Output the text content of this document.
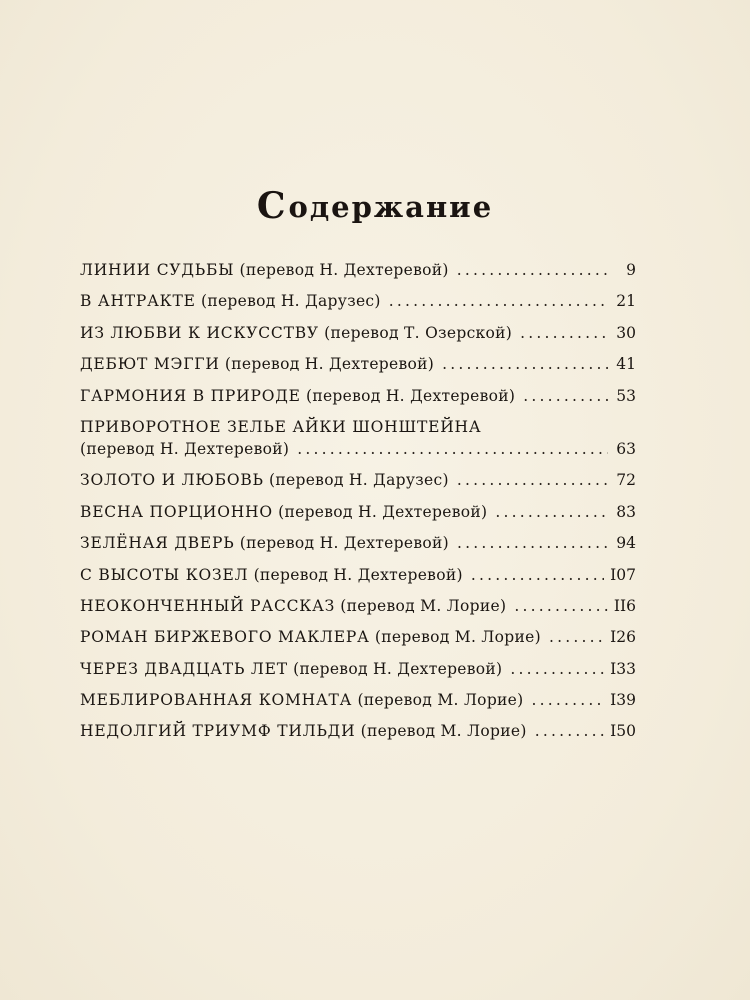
Содержание
ЛИНИИ СУДЬБЫ (перевод Н. Дехтеревой) .....	9
В АНТРАКТЕ (перевод Н. Дарузес) .....	21
ИЗ ЛЮБВИ К ИСКУССТВУ (перевод Т. Озерской) .....	30
ДЕБЮТ МЭГГИ (перевод Н. Дехтеревой) .....	41
ГАРМОНИЯ В ПРИРОДЕ (перевод Н. Дехтеревой) .....	53
ПРИВОРОТНОЕ ЗЕЛЬЕ АЙКИ ШОНШТЕЙНА
(перевод Н. Дехтеревой) .....	63
ЗОЛОТО И ЛЮБОВЬ (перевод Н. Дарузес) .....	72
ВЕСНА ПОРЦИОННО (перевод Н. Дехтеревой) .....	83
ЗЕЛЁНАЯ ДВЕРЬ (перевод Н. Дехтеревой) .....	94
С ВЫСОТЫ КОЗЕЛ (перевод Н. Дехтеревой) .....	I07
НЕОКОНЧЕННЫЙ РАССКАЗ (перевод М. Лорие) .....	II6
РОМАН БИРЖЕВОГО МАКЛЕРА (перевод М. Лорие) .....	I26
ЧЕРЕЗ ДВАДЦАТЬ ЛЕТ (перевод Н. Дехтеревой) .....	I33
МЕБЛИРОВАННАЯ КОМНАТА (перевод М. Лорие) .....	I39
НЕДОЛГИЙ ТРИУМФ ТИЛЬДИ (перевод М. Лорие) .....	I50
